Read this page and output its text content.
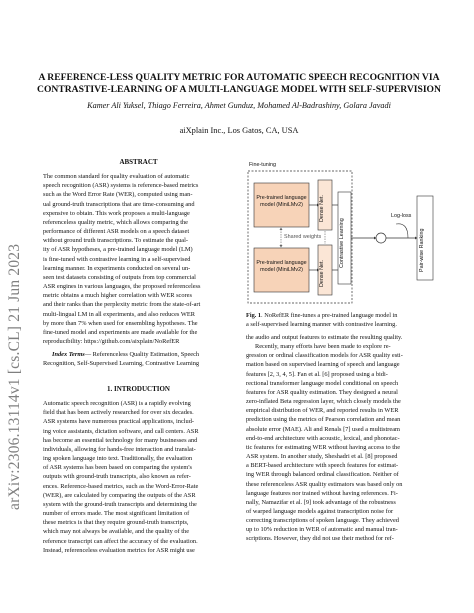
arXiv:2306.13114v1 [cs.CL] 21 Jun 2023
A REFERENCE-LESS QUALITY METRIC FOR AUTOMATIC SPEECH RECOGNITION VIA
CONTRASTIVE-LEARNING OF A MULTI-LANGUAGE MODEL WITH SELF-SUPERVISION
Kamer Ali Yuksel, Thiago Ferreira, Ahmet Gunduz, Mohamed Al-Badrashiny, Golara Javadi
aiXplain Inc., Los Gatos, CA, USA
ABSTRACT
The common standard for quality evaluation of automatic
speech recognition (ASR) systems is reference-based metrics
such as the Word Error Rate (WER), computed using man-
ual ground-truth transcriptions that are time-consuming and
expensive to obtain. This work proposes a multi-language
referenceless quality metric, which allows comparing the
performance of different ASR models on a speech dataset
without ground truth transcriptions. To estimate the qual-
ity of ASR hypotheses, a pre-trained language model (LM)
is fine-tuned with contrastive learning in a self-supervised
learning manner. In experiments conducted on several un-
seen test datasets consisting of outputs from top commercial
ASR engines in various languages, the proposed referenceless
metric obtains a much higher correlation with WER scores
and their ranks than the perplexity metric from the state-of-art
multi-lingual LM in all experiments, and also reduces WER
by more than 7% when used for ensembling hypotheses. The
fine-tuned model and experiments are made available for the
reproducibility: https://github.com/aixplain/NoRefER
Index Terms— Referenceless Quality Estimation, Speech
Recognition, Self-Supervised Learning, Contrastive Learning
1. INTRODUCTION
Automatic speech recognition (ASR) is a rapidly evolving
field that has been actively researched for over six decades.
ASR systems have numerous practical applications, includ-
ing voice assistants, dictation software, and call centers. ASR
has become an essential technology for many businesses and
individuals, allowing for hands-free interaction and translat-
ing spoken language into text. Traditionally, the evaluation
of ASR systems has been based on comparing the system's
outputs with ground-truth transcripts, also known as refer-
ences. Reference-based metrics, such as the Word-Error-Rate
(WER), are calculated by comparing the outputs of the ASR
system with the ground-truth transcripts and determining the
number of errors made. The most significant limitation of
these metrics is that they require ground-truth transcripts,
which may not always be available, and the quality of the
reference transcript can affect the accuracy of the evaluation.
Instead, referenceless evaluation metrics for ASR might use
Fine-tuning
Pre-trained language
model (MiniLMv2)
Pre-trained language
model (MiniLMv2)
Shared weights
Dense Net.
Dense Net.
Contrastive Learning
Log-loss
Pair-wise Ranking
Fig. 1. NoRefER fine-tunes a pre-trained language model in
a self-supervised learning manner with contrastive learning.
the audio and output features to estimate the resulting quality.
Recently, many efforts have been made to explore re-
gression or ordinal classification models for ASR quality esti-
mation based on supervised learning of speech and language
features [2, 3, 4, 5]. Fan et al. [6] proposed using a bidi-
rectional transformer language model conditional on speech
features for ASR quality estimation. They designed a neural
zero-inflated Beta regression layer, which closely models the
empirical distribution of WER, and reported results in WER
prediction using the metrics of Pearson correlation and mean
absolute error (MAE). Ali and Renals [7] used a multistream
end-to-end architecture with acoustic, lexical, and phonotac-
tic features for estimating WER without having access to the
ASR system. In another study, Sheshadri et al. [8] proposed
a BERT-based architecture with speech features for estimat-
ing WER through balanced ordinal classification. Neither of
these referenceless ASR quality estimators was based only on
language features nor trained without having references. Fi-
nally, Namazifar et al. [9] took advantage of the robustness
of warped language models against transcription noise for
correcting transcriptions of spoken language. They achieved
up to 10% reduction in WER of automatic and manual tran-
scriptions. However, they did not use their method for ref-
